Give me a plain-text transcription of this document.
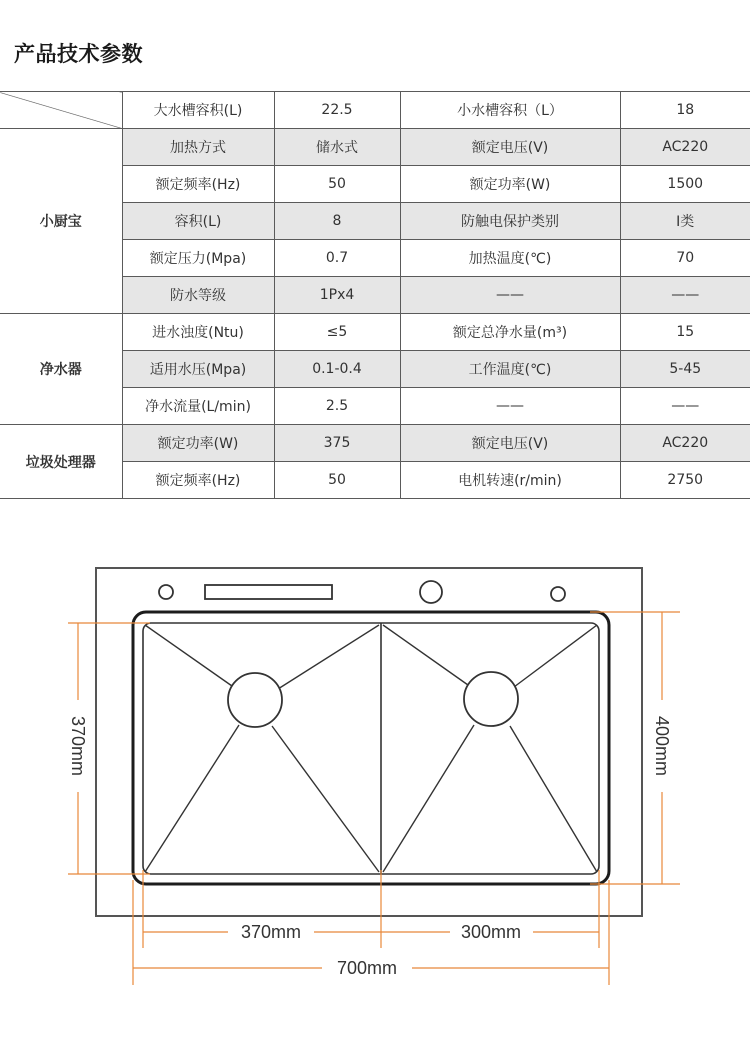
产品技术参数
	大水槽容积(L)	22.5	小水槽容积（L）	18
小厨宝	加热方式	储水式	额定电压(V)	AC220
	额定频率(Hz)	50	额定功率(W)	1500
	容积(L)	8	防触电保护类别	I类
	额定压力(Mpa)	0.7	加热温度(℃)	70
	防水等级	1Px4	——	——
净水器	进水浊度(Ntu)	≤5	额定总净水量(m³)	15
	适用水压(Mpa)	0.1-0.4	工作温度(℃)	5-45
	净水流量(L/min)	2.5	——	——
垃圾处理器	额定功率(W)	375	额定电压(V)	AC220
	额定频率(Hz)	50	电机转速(r/min)	2750
370mm	400mm
370mm	300mm
700mm
